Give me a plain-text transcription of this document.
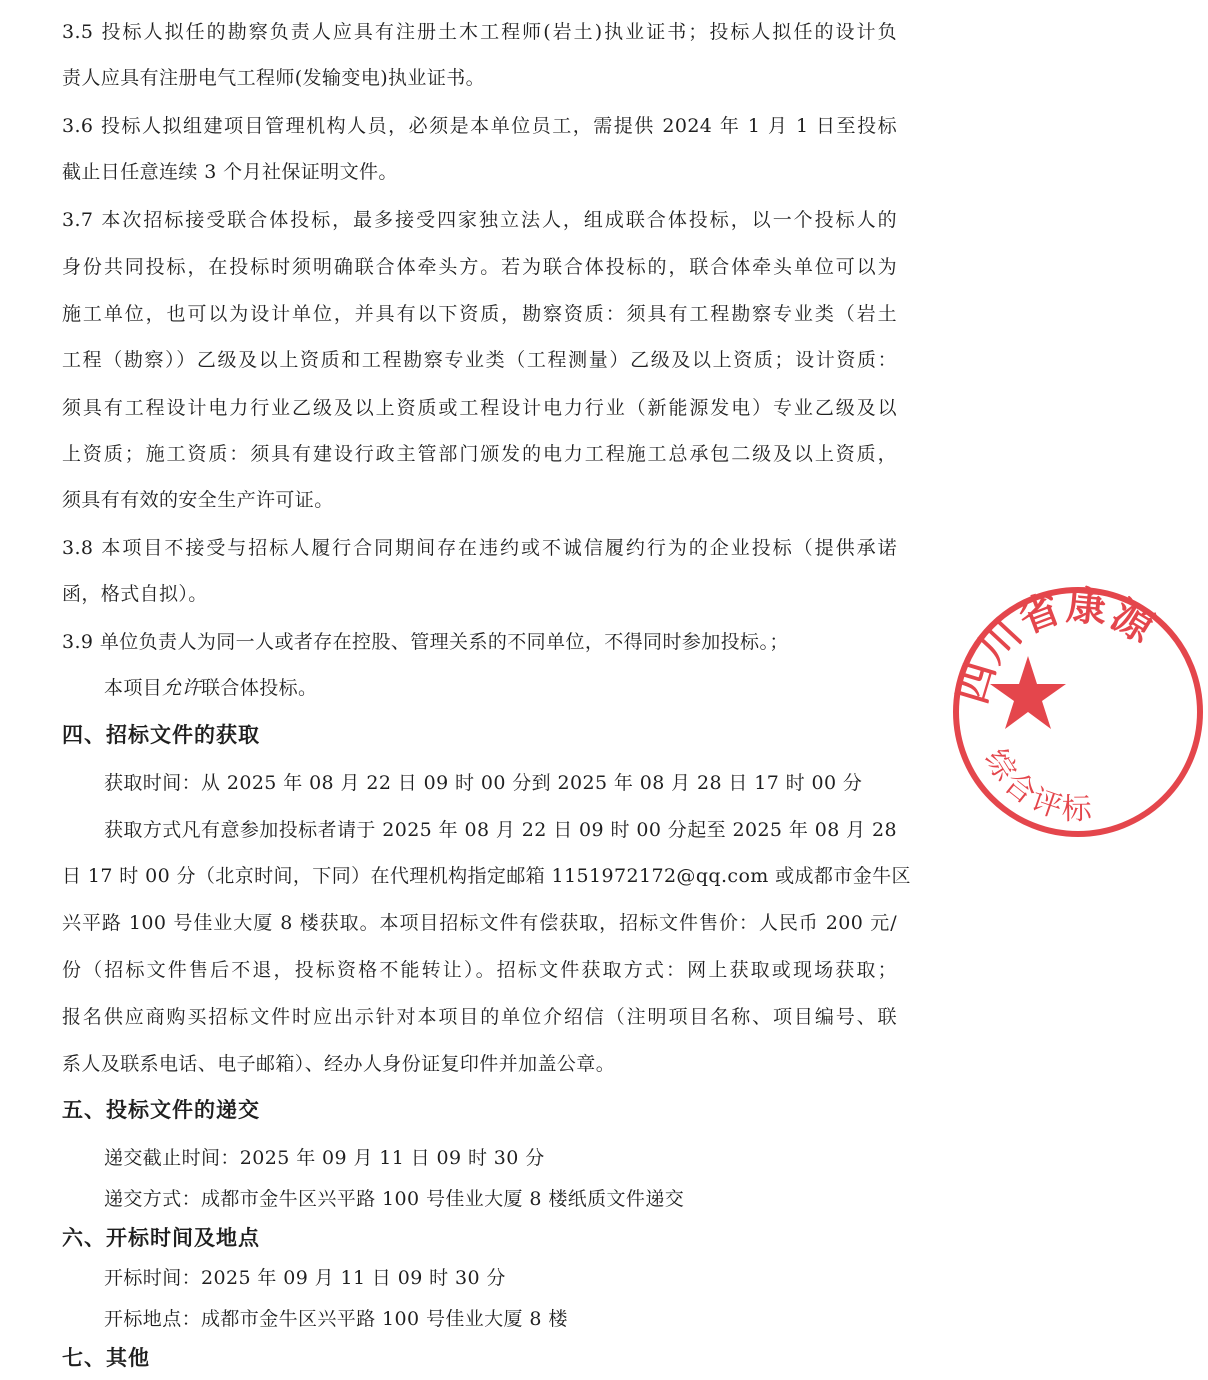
3.5 投标人拟任的勘察负责人应具有注册土木工程师(岩土)执业证书；投标人拟任的设计负
责人应具有注册电气工程师(发输变电)执业证书。
3.6 投标人拟组建项目管理机构人员，必须是本单位员工，需提供 2024 年 1 月 1 日至投标
截止日任意连续 3 个月社保证明文件。
3.7 本次招标接受联合体投标，最多接受四家独立法人，组成联合体投标，以一个投标人的
身份共同投标，在投标时须明确联合体牵头方。若为联合体投标的，联合体牵头单位可以为
施工单位，也可以为设计单位，并具有以下资质，勘察资质：须具有工程勘察专业类（岩土
工程（勘察））乙级及以上资质和工程勘察专业类（工程测量）乙级及以上资质；设计资质：
须具有工程设计电力行业乙级及以上资质或工程设计电力行业（新能源发电）专业乙级及以
上资质；施工资质：须具有建设行政主管部门颁发的电力工程施工总承包二级及以上资质，
须具有有效的安全生产许可证。
3.8 本项目不接受与招标人履行合同期间存在违约或不诚信履约行为的企业投标（提供承诺
函，格式自拟）。
3.9 单位负责人为同一人或者存在控股、管理关系的不同单位，不得同时参加投标。；
本项目允许联合体投标。
四、招标文件的获取
获取时间：从 2025 年 08 月 22 日 09 时 00 分到 2025 年 08 月 28 日 17 时 00 分
获取方式凡有意参加投标者请于 2025 年 08 月 22 日 09 时 00 分起至 2025 年 08 月 28
日 17 时 00 分（北京时间，下同）在代理机构指定邮箱 1151972172@qq.com 或成都市金牛区
兴平路 100 号佳业大厦 8 楼获取。本项目招标文件有偿获取，招标文件售价：人民币 200 元/
份（招标文件售后不退，投标资格不能转让）。招标文件获取方式：网上获取或现场获取；
报名供应商购买招标文件时应出示针对本项目的单位介绍信（注明项目名称、项目编号、联
系人及联系电话、电子邮箱）、经办人身份证复印件并加盖公章。
五、投标文件的递交
递交截止时间：2025 年 09 月 11 日 09 时 30 分
递交方式：成都市金牛区兴平路 100 号佳业大厦 8 楼纸质文件递交
六、开标时间及地点
开标时间：2025 年 09 月 11 日 09 时 30 分
开标地点：成都市金牛区兴平路 100 号佳业大厦 8 楼
七、其他
四川省康源
综合评标
